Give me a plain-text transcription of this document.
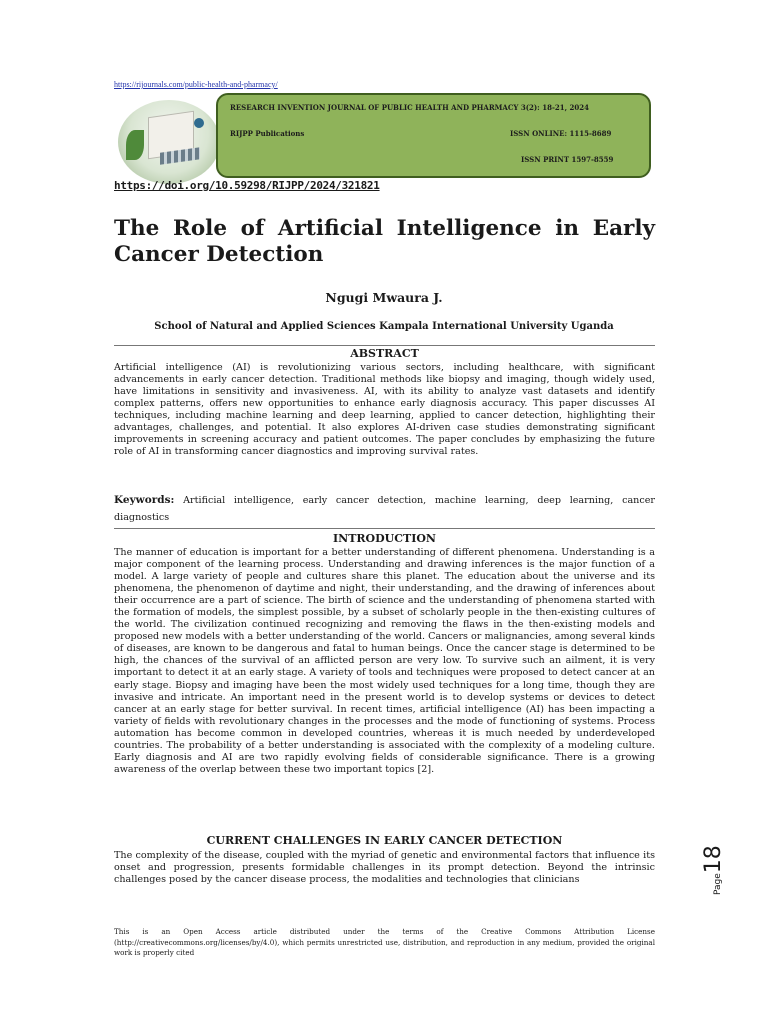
https://rijournals.com/public-health-and-pharmacy/
RESEARCH INVENTION JOURNAL OF PUBLIC HEALTH AND PHARMACY 3(2): 18-21, 2024
RIJPP Publications	ISSN ONLINE: 1115-8689
ISSN PRINT 1597-8559
https://doi.org/10.59298/RIJPP/2024/321821
The Role of Artificial Intelligence in Early Cancer Detection
Ngugi Mwaura J.
School of Natural and Applied Sciences Kampala International University Uganda
ABSTRACT

Artificial intelligence (AI) is revolutionizing various sectors, including healthcare, with significant advancements in early cancer detection. Traditional methods like biopsy and imaging, though widely used, have limitations in sensitivity and invasiveness. AI, with its ability to analyze vast datasets and identify complex patterns, offers new opportunities to enhance early diagnosis accuracy. This paper discusses AI techniques, including machine learning and deep learning, applied to cancer detection, highlighting their advantages, challenges, and potential. It also explores AI-driven case studies demonstrating significant improvements in screening accuracy and patient outcomes. The paper concludes by emphasizing the future role of AI in transforming cancer diagnostics and improving survival rates.

Keywords: Artificial intelligence, early cancer detection, machine learning, deep learning, cancer diagnostics

INTRODUCTION

The manner of education is important for a better understanding of different phenomena. Understanding is a major component of the learning process. Understanding and drawing inferences is the major function of a model. A large variety of people and cultures share this planet. The education about the universe and its phenomena, the phenomenon of daytime and night, their understanding, and the drawing of inferences about their occurrence are a part of science. The birth of science and the understanding of phenomena started with the formation of models, the simplest possible, by a subset of scholarly people in the then-existing cultures of the world. The civilization continued recognizing and removing the flaws in the then-existing models and proposed new models with a better understanding of the world. Cancers or malignancies, among several kinds of diseases, are known to be dangerous and fatal to human beings. Once the cancer stage is determined to be high, the chances of the survival of an afflicted person are very low. To survive such an ailment, it is very important to detect it at an early stage. A variety of tools and techniques were proposed to detect cancer at an early stage. Biopsy and imaging have been the most widely used techniques for a long time, though they are invasive and intricate. An important need in the present world is to develop systems or devices to detect cancer at an early stage for better survival. In recent times, artificial intelligence (AI) has been impacting a variety of fields with revolutionary changes in the processes and the mode of functioning of systems. Process automation has become common in developed countries, whereas it is much needed by underdeveloped countries. The probability of a better understanding is associated with the complexity of a modeling culture. Early diagnosis and AI are two rapidly evolving fields of considerable significance. There is a growing awareness of the overlap between these two important topics [2].

CURRENT CHALLENGES IN EARLY CANCER DETECTION

The complexity of the disease, coupled with the myriad of genetic and environmental factors that influence its onset and progression, presents formidable challenges in its prompt detection. Beyond the intrinsic challenges posed by the cancer disease process, the modalities and technologies that clinicians	Page18

This is an Open Access article distributed under the terms of the Creative Commons Attribution License (http://creativecommons.org/licenses/by/4.0), which permits unrestricted use, distribution, and reproduction in any medium, provided the original work is properly cited
